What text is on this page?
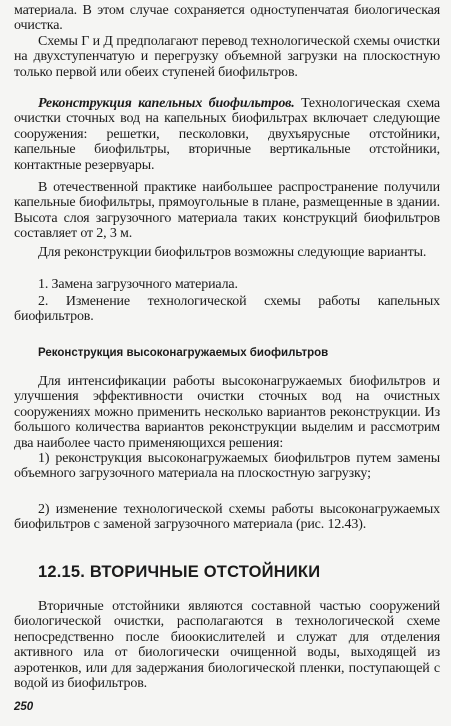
материала. В этом случае сохраняется одноступенчатая биологическая очистка.

Схемы Г и Д предполагают перевод технологической схемы очистки на двухступенчатую и перегрузку объемной загрузки на плоскостную только первой или обеих ступеней биофильтров.

Реконструкция капельных биофильтров. Технологическая схема очистки сточных вод на капельных биофильтрах включает следующие сооружения: решетки, песколовки, двухъярусные отстойники, капельные биофильтры, вторичные вертикальные отстойники, контактные резервуары.

В отечественной практике наибольшее распространение получили капельные биофильтры, прямоугольные в плане, размещенные в здании. Высота слоя загрузочного материала таких конструкций биофильтров составляет от 2, 3 м.

Для реконструкции биофильтров возможны следующие варианты.

1. Замена загрузочного материала.

2. Изменение технологической схемы работы капельных биофильтров.

Реконструкция высоконагружаемых биофильтров

Для интенсификации работы высоконагружаемых биофильтров и улучшения эффективности очистки сточных вод на очистных сооружениях можно применить несколько вариантов реконструкции. Из большого количества вариантов реконструкции выделим и рассмотрим два наиболее часто применяющихся решения:

1) реконструкция высоконагружаемых биофильтров путем замены объемного загрузочного материала на плоскостную загрузку;

2) изменение технологической схемы работы высоконагружаемых биофильтров с заменой загрузочного материала (рис. 12.43).

12.15. ВТОРИЧНЫЕ ОТСТОЙНИКИ

Вторичные отстойники являются составной частью сооружений биологической очистки, располагаются в технологической схеме непосредственно после биоокислителей и служат для отделения активного ила от биологически очищенной воды, выходящей из аэротенков, или для задержания биологической пленки, поступающей с водой из биофильтров.

250
